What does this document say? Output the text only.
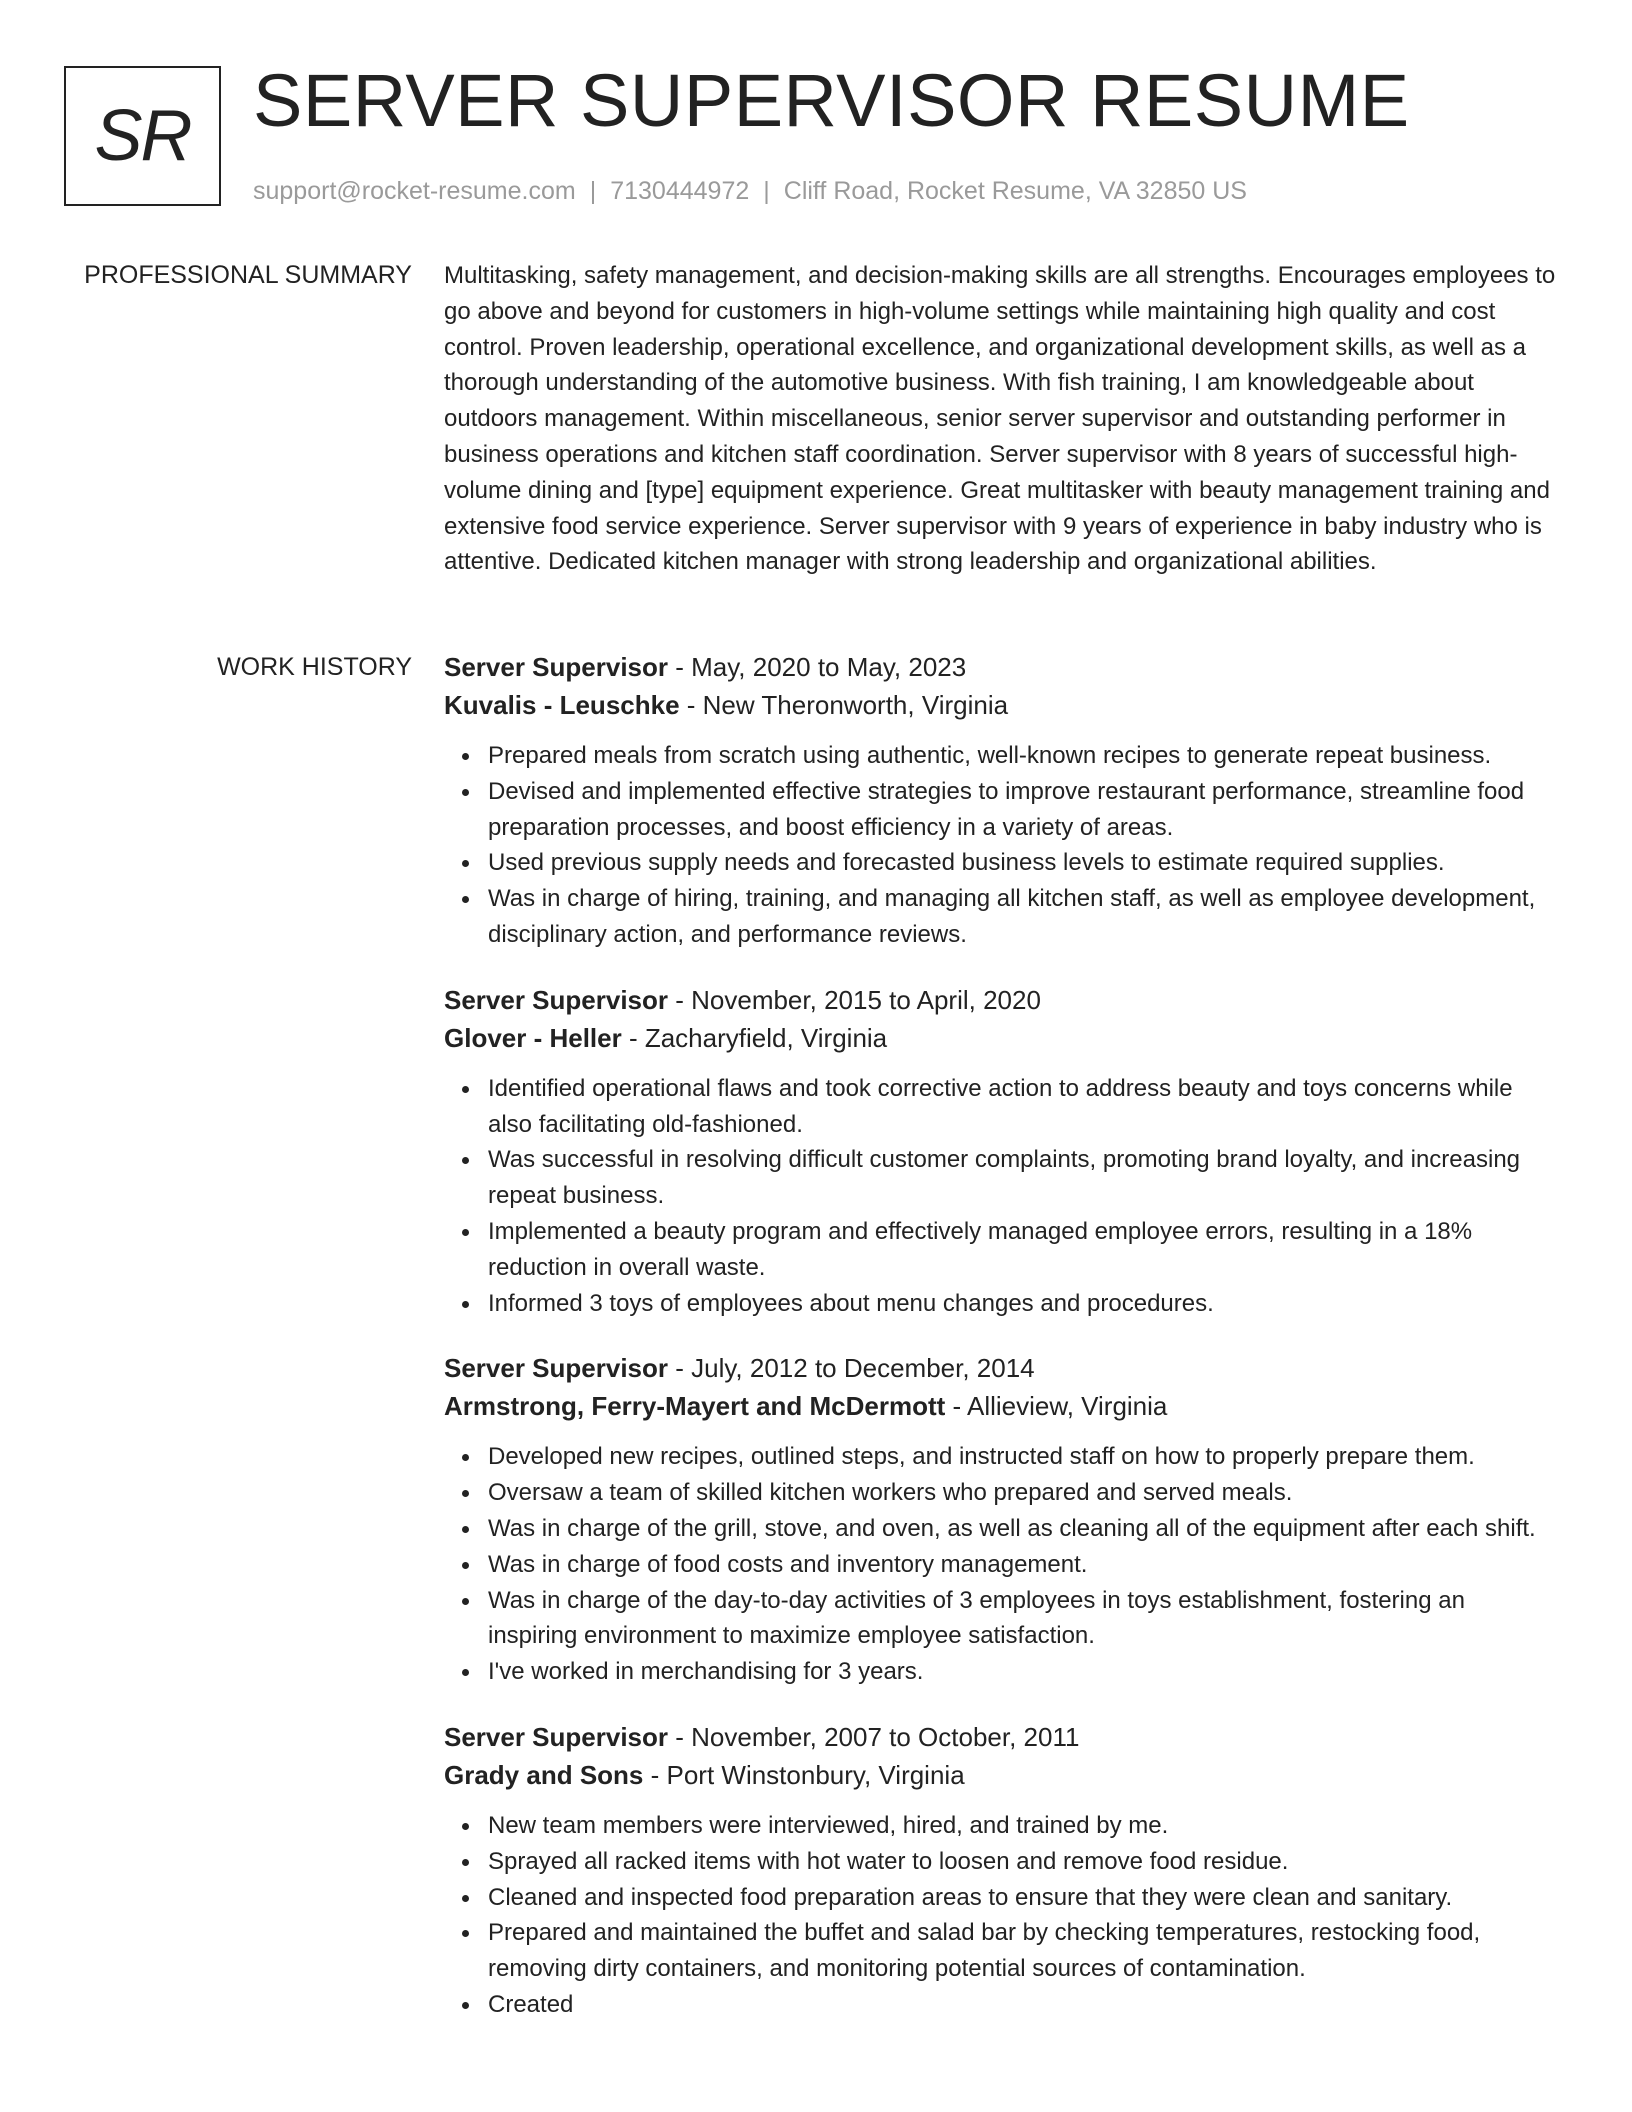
SR SERVER SUPERVISOR RESUME
support@rocket-resume.com | 7130444972 | Cliff Road, Rocket Resume, VA 32850 US
PROFESSIONAL SUMMARY Multitasking, safety management, and decision-making skills are all strengths. Encourages employees to go above and beyond for customers in high-volume settings while maintaining high quality and cost control. Proven leadership, operational excellence, and organizational development skills, as well as a thorough understanding of the automotive business. With fish training, I am knowledgeable about outdoors management. Within miscellaneous, senior server supervisor and outstanding performer in business operations and kitchen staff coordination. Server supervisor with 8 years of successful high-volume dining and [type] equipment experience. Great multitasker with beauty management training and extensive food service experience. Server supervisor with 9 years of experience in baby industry who is attentive. Dedicated kitchen manager with strong leadership and organizational abilities.

WORK HISTORY Server Supervisor - May, 2020 to May, 2023
Kuvalis - Leuschke - New Theronworth, Virginia
Prepared meals from scratch using authentic, well-known recipes to generate repeat business.
Devised and implemented effective strategies to improve restaurant performance, streamline food preparation processes, and boost efficiency in a variety of areas.
Used previous supply needs and forecasted business levels to estimate required supplies.
Was in charge of hiring, training, and managing all kitchen staff, as well as employee development, disciplinary action, and performance reviews.
Server Supervisor - November, 2015 to April, 2020
Glover - Heller - Zacharyfield, Virginia
Identified operational flaws and took corrective action to address beauty and toys concerns while also facilitating old-fashioned.
Was successful in resolving difficult customer complaints, promoting brand loyalty, and increasing repeat business.
Implemented a beauty program and effectively managed employee errors, resulting in a 18% reduction in overall waste.
Informed 3 toys of employees about menu changes and procedures.
Server Supervisor - July, 2012 to December, 2014
Armstrong, Ferry-Mayert and McDermott - Allieview, Virginia
Developed new recipes, outlined steps, and instructed staff on how to properly prepare them.
Oversaw a team of skilled kitchen workers who prepared and served meals.
Was in charge of the grill, stove, and oven, as well as cleaning all of the equipment after each shift.
Was in charge of food costs and inventory management.
Was in charge of the day-to-day activities of 3 employees in toys establishment, fostering an inspiring environment to maximize employee satisfaction.
I've worked in merchandising for 3 years.
Server Supervisor - November, 2007 to October, 2011
Grady and Sons - Port Winstonbury, Virginia
New team members were interviewed, hired, and trained by me.
Sprayed all racked items with hot water to loosen and remove food residue.
Cleaned and inspected food preparation areas to ensure that they were clean and sanitary.
Prepared and maintained the buffet and salad bar by checking temperatures, restocking food, removing dirty containers, and monitoring potential sources of contamination.
Created
